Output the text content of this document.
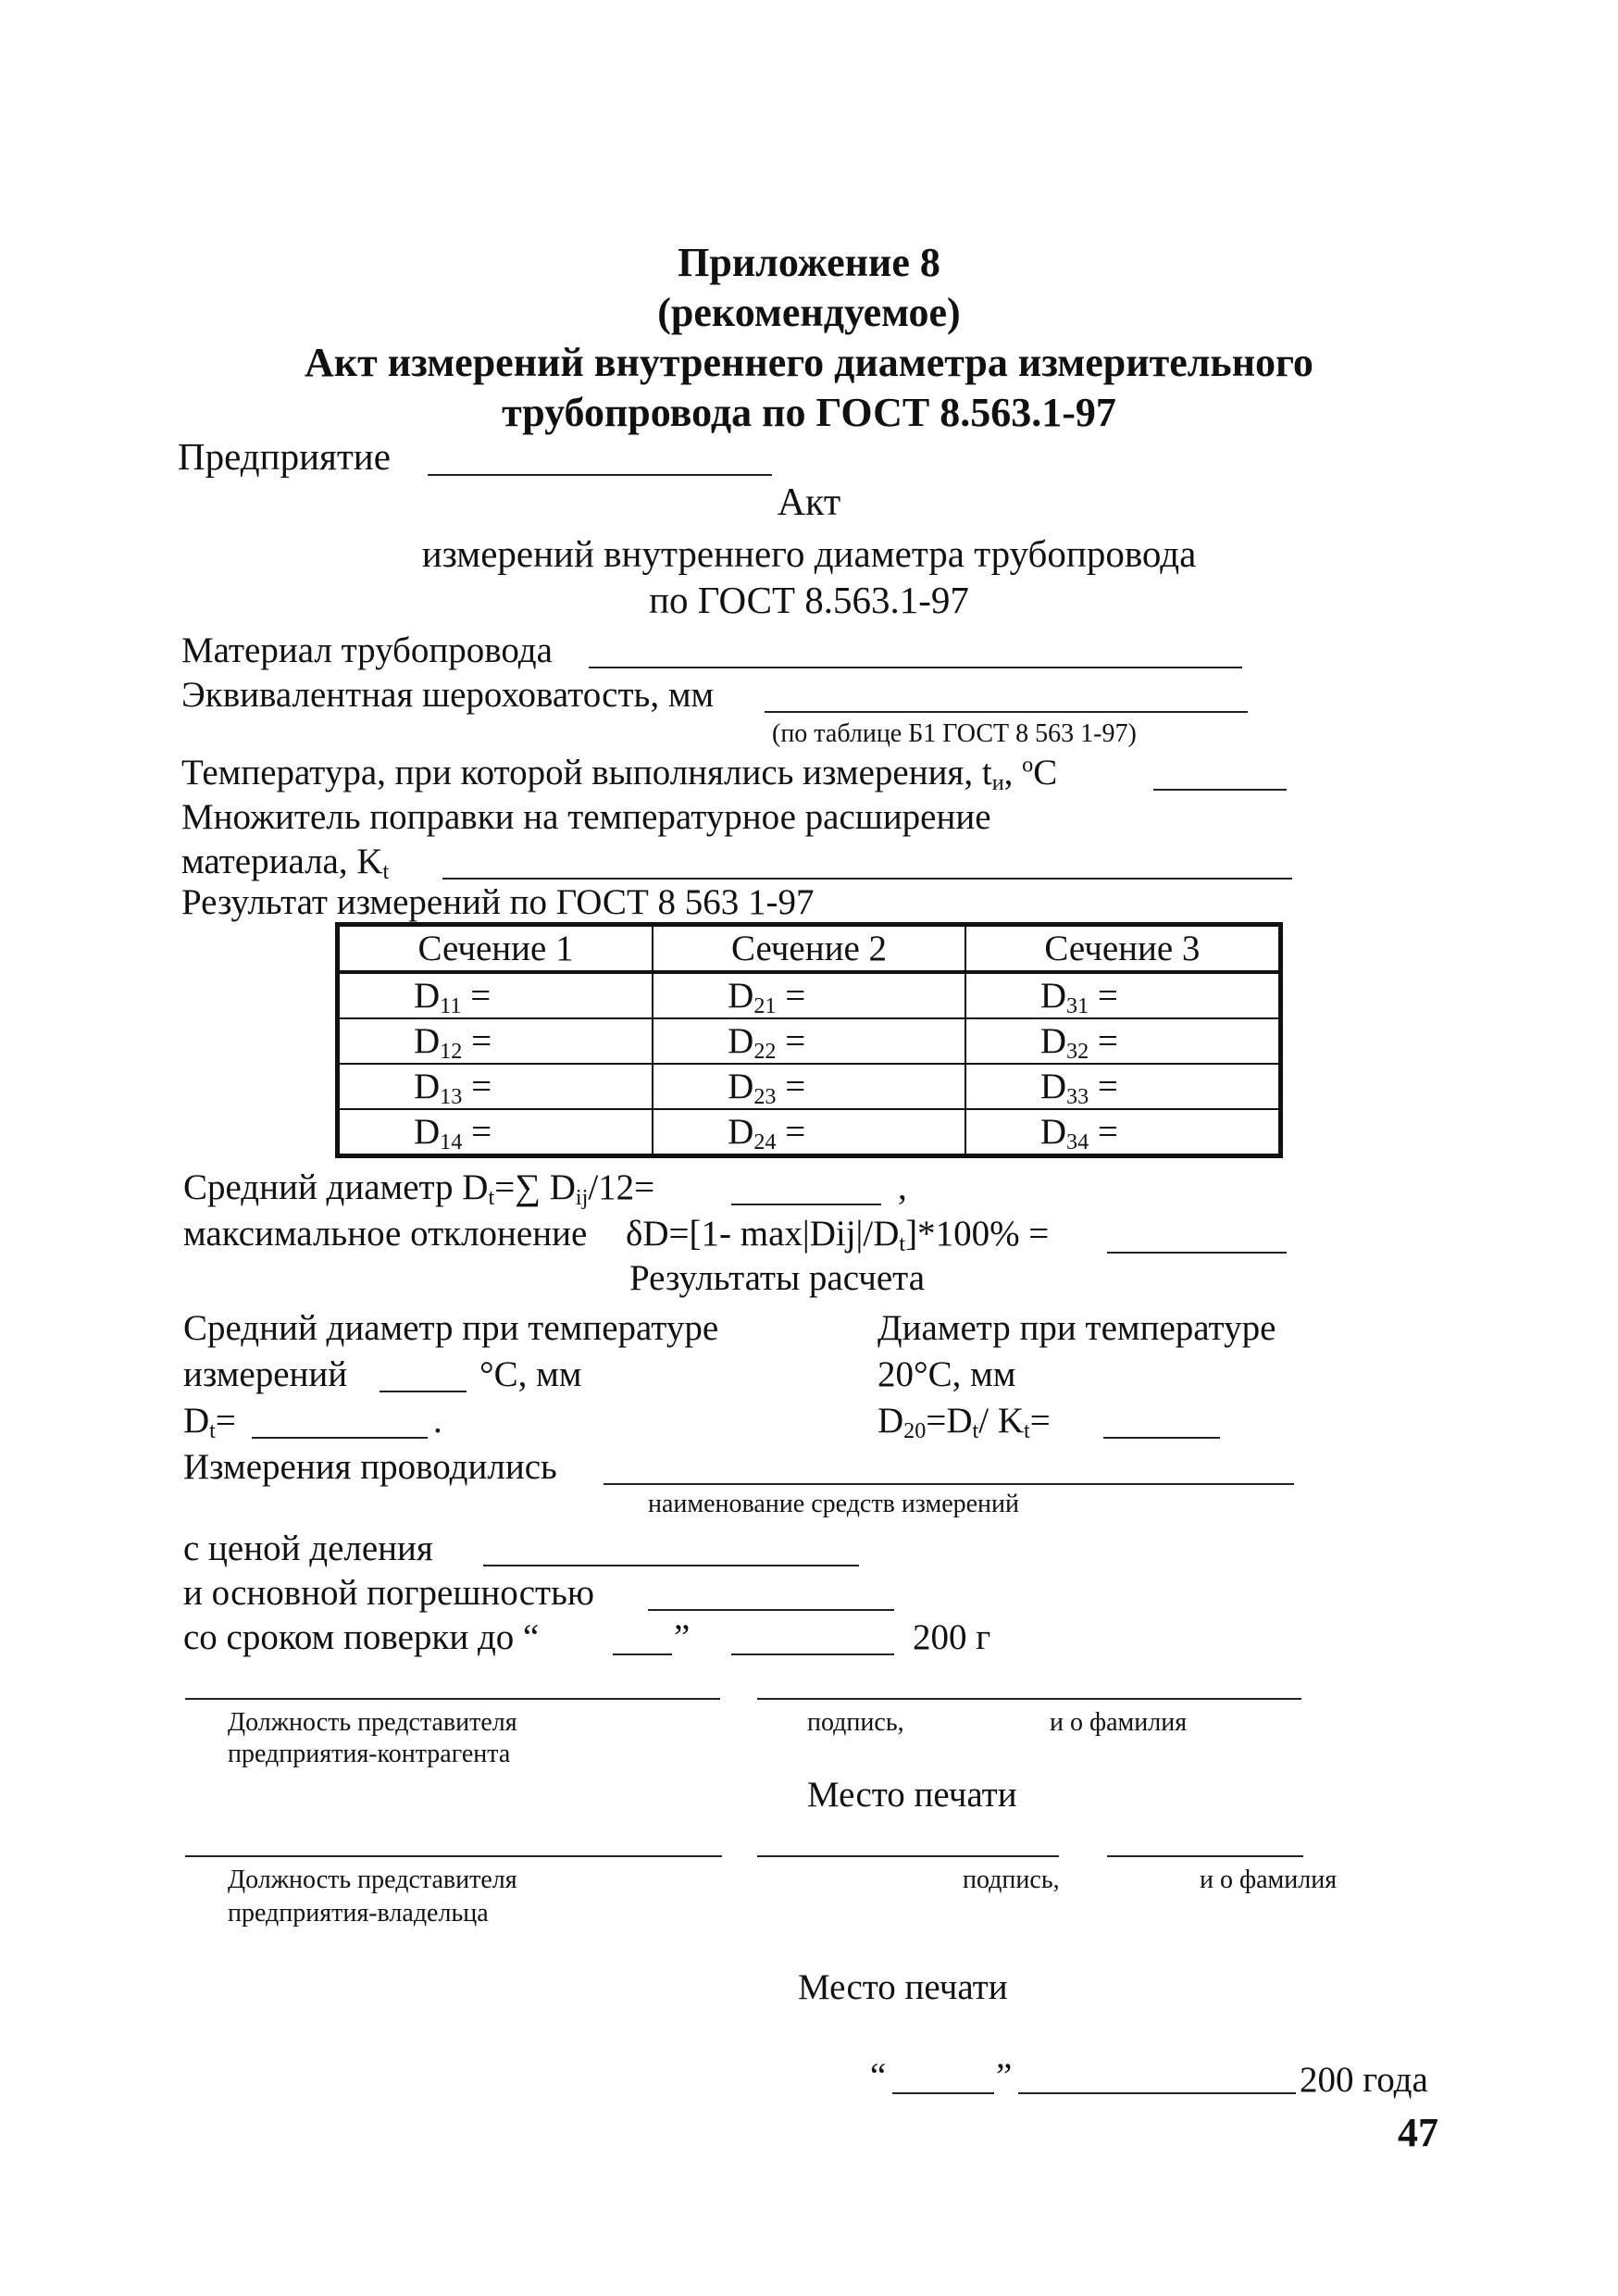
Приложение 8
(рекомендуемое)
Акт измерений внутреннего диаметра измерительного
трубопровода по ГОСТ 8.563.1-97
Предприятие
Акт
измерений внутреннего диаметра трубопровода
по ГОСТ 8.563.1-97
Материал трубопровода
Эквивалентная шероховатость, мм
(по таблице Б1 ГОСТ 8 563 1-97)
Температура, при которой выполнялись измерения, $t_и$, $^o$C
Множитель поправки на температурное расширение
материала, $K_t$
Результат измерений по ГОСТ 8 563 1-97
Сечение 1	Сечение 2	Сечение 3
$D_{11}$ =	$D_{21}$ =	$D_{31}$ =
$D_{12}$ =	$D_{22}$ =	$D_{32}$ =
$D_{13}$ =	$D_{23}$ =	$D_{33}$ =
$D_{14}$ =	$D_{24}$ =	$D_{34}$ =
Средний диаметр $D_t=\sum$ $D_{ij}/12=$	,
максимальное отклонение δD=[1- $\max|Dij|/D_t]*100\%$ =
Результаты расчета
Средний диаметр при температуре
измерений	°С, мм
$D_t=$	.
Диаметр при температуре
20°С, мм
$D_{20}=D_t/$ $K_t=$
Измерения проводились
наименование средств измерений
с ценой деления
и основной погрешностью
со сроком поверки до “	”	200 г
Должность представителя
предприятия-контрагента
подпись,	и о фамилия
Место печати
Должность представителя
предприятия-владельца
подпись,	и о фамилия
Место печати
“	”	200 года
47
